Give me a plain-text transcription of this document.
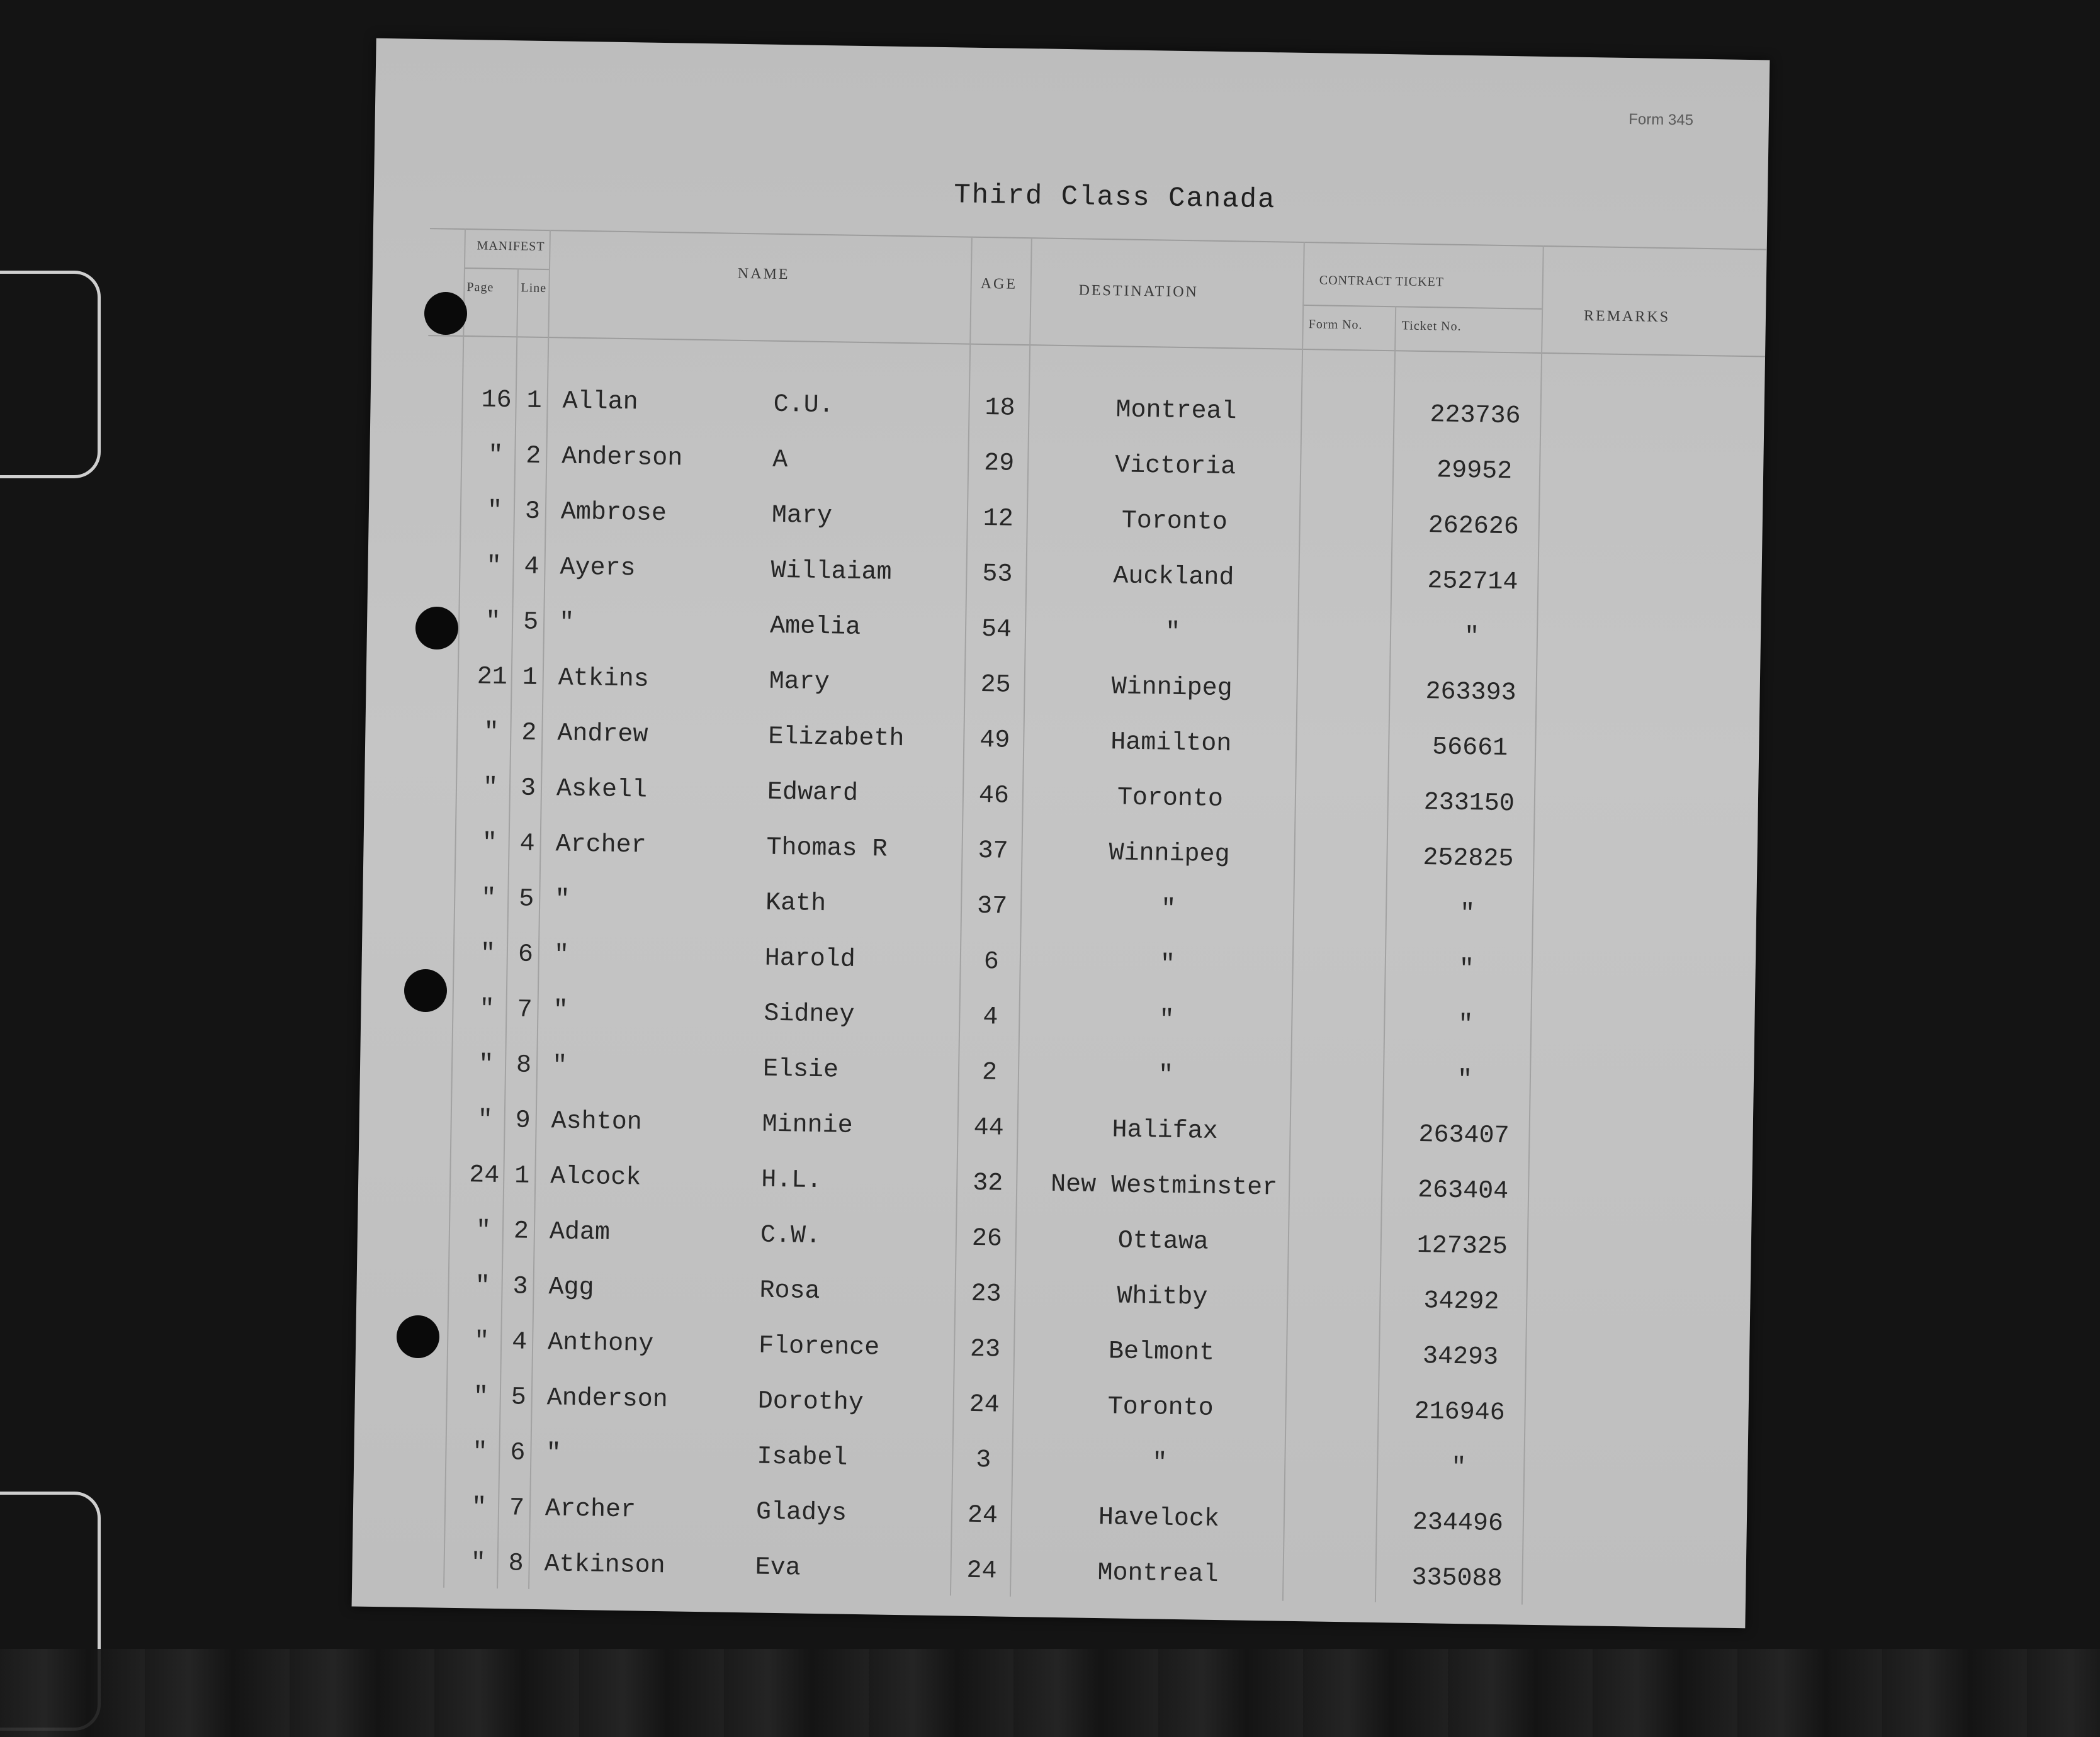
Form 345
Third Class Canada
MANIFEST
Page Line
NAME
AGE	DESTINATION
CONTRACT TICKET
Form No.	Ticket No.
REMARKS
16 1 Allan	C.U.	18	Montreal	223736
" 2 Anderson	A	29	Victoria	29952
" 3 Ambrose	Mary	12	Toronto	262626
" 4 Ayers	Willaiam	53	Auckland	252714
" 5 "	Amelia	54	"	"
21 1 Atkins	Mary	25	Winnipeg	263393
" 2 Andrew	Elizabeth	49	Hamilton	56661
" 3 Askell	Edward	46	Toronto	233150
" 4 Archer	Thomas R	37	Winnipeg	252825
" 5 "	Kath	37	"	"
" 6 "	Harold	6	"	"
" 7 "	Sidney	4	"	"
" 8 "	Elsie	2	"	"
" 9 Ashton	Minnie	44	Halifax	263407
24 1 Alcock	H.L.	32	New Westminster	263404
" 2 Adam	C.W.	26	Ottawa	127325
" 3 Agg	Rosa	23	Whitby	34292
" 4 Anthony	Florence	23	Belmont	34293
" 5 Anderson	Dorothy	24	Toronto	216946
" 6 "	Isabel	3	"	"
" 7 Archer	Gladys	24	Havelock	234496
" 8 Atkinson	Eva	24	Montreal	335088
